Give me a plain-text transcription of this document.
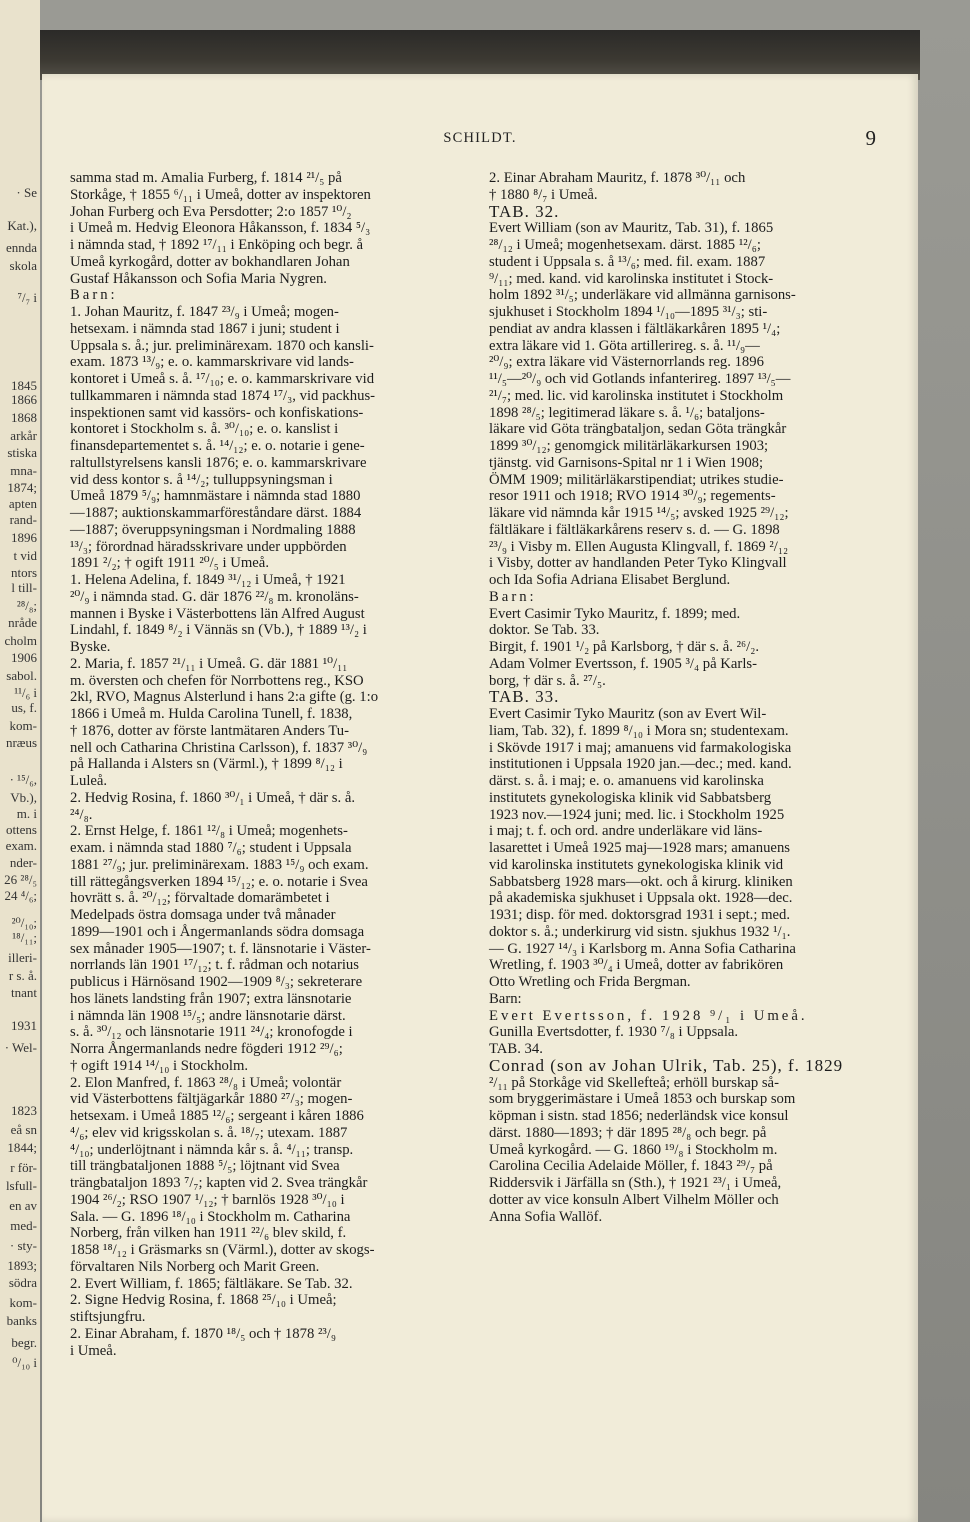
· Se
Kat.),
ennda
skola
⁷/₇ i
1845
1866
1868
arkår
stiska
mna-
1874;
apten
rand-
1896
t vid
ntors
l till-
²⁸/₈;
nråde
cholm
1906
sabol.
¹¹/₆ i
us, f.
kom-
nræus
· ¹⁵/₆,
Vb.),
m. i
ottens
exam.
nder-
26 ²⁸/₅
24 ⁴/₆;
²⁰/₁₀;
¹⁸/₁₁;
illeri-
r s. å.
tnant
1931
· Wel-
1823
eå sn
1844;
r för-
lsfull-
en av
med-
· sty-
1893;
södra
kom-
banks
begr.
⁰/₁₀ i
SCHILDT.	9

samma stad m. Amalia Furberg, f. 1814 ²¹/₅ på

Storkåge, † 1855 ⁶/₁₁ i Umeå, dotter av inspektoren

Johan Furberg och Eva Persdotter; 2:o 1857 ¹⁰/₂

i Umeå m. Hedvig Eleonora Håkansson, f. 1834 ⁵/₃

i nämnda stad, † 1892 ¹⁷/₁₁ i Enköping och begr. å

Umeå kyrkogård, dotter av bokhandlaren Johan

Gustaf Håkansson och Sofia Maria Nygren.

Barn:

1. Johan Mauritz, f. 1847 ²³/₉ i Umeå; mogen-

hetsexam. i nämnda stad 1867 i juni; student i

Uppsala s. å.; jur. preliminärexam. 1870 och kansli-

exam. 1873 ¹³/₉; e. o. kammarskrivare vid lands-

kontoret i Umeå s. å. ¹⁷/₁₀; e. o. kammarskrivare vid

tullkammaren i nämnda stad 1874 ¹⁷/₃, vid packhus-

inspektionen samt vid kassörs- och konfiskations-

kontoret i Stockholm s. å. ³⁰/₁₀; e. o. kanslist i

finansdepartementet s. å. ¹⁴/₁₂; e. o. notarie i gene-

raltullstyrelsens kansli 1876; e. o. kammarskrivare

vid dess kontor s. å ¹⁴/₂; tulluppsyningsman i

Umeå 1879 ⁵/₉; hamnmästare i nämnda stad 1880

—1887; auktionskammarföreståndare därst. 1884

—1887; överuppsyningsman i Nordmaling 1888

¹³/₃; förordnad häradsskrivare under uppbörden

1891 ²/₂; † ogift 1911 ²⁰/₅ i Umeå.

1. Helena Adelina, f. 1849 ³¹/₁₂ i Umeå, † 1921

²⁰/₉ i nämnda stad. G. där 1876 ²²/₈ m. kronoläns-

mannen i Byske i Västerbottens län Alfred August

Lindahl, f. 1849 ⁸/₂ i Vännäs sn (Vb.), † 1889 ¹³/₂ i

Byske.

2. Maria, f. 1857 ²¹/₁₁ i Umeå. G. där 1881 ¹⁰/₁₁

m. översten och chefen för Norrbottens reg., KSO

2kl, RVO, Magnus Alsterlund i hans 2:a gifte (g. 1:o

1866 i Umeå m. Hulda Carolina Tunell, f. 1838,

† 1876, dotter av förste lantmätaren Anders Tu-

nell och Catharina Christina Carlsson), f. 1837 ³⁰/₉

på Hallanda i Alsters sn (Värml.), † 1899 ⁸/₁₂ i

Luleå.

2. Hedvig Rosina, f. 1860 ³⁰/₁ i Umeå, † där s. å.

²⁴/₈.

2. Ernst Helge, f. 1861 ¹²/₈ i Umeå; mogenhets-

exam. i nämnda stad 1880 ⁷/₆; student i Uppsala

1881 ²⁷/₉; jur. preliminärexam. 1883 ¹⁵/₉ och exam.

till rättegångsverken 1894 ¹⁵/₁₂; e. o. notarie i Svea

hovrätt s. å. ²⁰/₁₂; förvaltade domarämbetet i

Medelpads östra domsaga under två månader

1899—1901 och i Ångermanlands södra domsaga

sex månader 1905—1907; t. f. länsnotarie i Väster-

norrlands län 1901 ¹⁷/₁₂; t. f. rådman och notarius

publicus i Härnösand 1902—1909 ⁸/₃; sekreterare

hos länets landsting från 1907; extra länsnotarie

i nämnda län 1908 ¹⁵/₅; andre länsnotarie därst.

s. å. ³⁰/₁₂ och länsnotarie 1911 ²⁴/₄; kronofogde i

Norra Ångermanlands nedre fögderi 1912 ²⁹/₆;

† ogift 1914 ¹⁴/₁₀ i Stockholm.

2. Elon Manfred, f. 1863 ²⁸/₈ i Umeå; volontär

vid Västerbottens fältjägarkår 1880 ²⁷/₃; mogen-

hetsexam. i Umeå 1885 ¹²/₆; sergeant i kåren 1886

⁴/₆; elev vid krigsskolan s. å. ¹⁸/₇; utexam. 1887

⁴/₁₀; underlöjtnant i nämnda kår s. å. ⁴/₁₁; transp.

till trängbataljonen 1888 ⁵/₅; löjtnant vid Svea

trängbataljon 1893 ⁷/₇; kapten vid 2. Svea trängkår

1904 ²⁶/₂; RSO 1907 ¹/₁₂; † barnlös 1928 ³⁰/₁₀ i

Sala. — G. 1896 ¹⁸/₁₀ i Stockholm m. Catharina

Norberg, från vilken han 1911 ²²/₆ blev skild, f.

1858 ¹⁸/₁₂ i Gräsmarks sn (Värml.), dotter av skogs-

förvaltaren Nils Norberg och Marit Green.

2. Evert William, f. 1865; fältläkare. Se Tab. 32.

2. Signe Hedvig Rosina, f. 1868 ²⁵/₁₀ i Umeå;

stiftsjungfru.

2. Einar Abraham, f. 1870 ¹⁸/₅ och † 1878 ²³/₉

i Umeå.

2. Einar Abraham Mauritz, f. 1878 ³⁰/₁₁ och

† 1880 ⁸/₇ i Umeå.

TAB. 32.

Evert William (son av Mauritz, Tab. 31), f. 1865

²⁸/₁₂ i Umeå; mogenhetsexam. därst. 1885 ¹²/₆;

student i Uppsala s. å ¹³/₆; med. fil. exam. 1887

⁹/₁₁; med. kand. vid karolinska institutet i Stock-

holm 1892 ³¹/₅; underläkare vid allmänna garnisons-

sjukhuset i Stockholm 1894 ¹/₁₀—1895 ³¹/₃; sti-

pendiat av andra klassen i fältläkarkåren 1895 ¹/₄;

extra läkare vid 1. Göta artillerireg. s. å. ¹¹/₉—

²⁰/₉; extra läkare vid Västernorrlands reg. 1896

¹¹/₅—²⁰/₉ och vid Gotlands infanterireg. 1897 ¹³/₅—

²¹/₇; med. lic. vid karolinska institutet i Stockholm

1898 ²⁸/₅; legitimerad läkare s. å. ¹/₆; bataljons-

läkare vid Göta trängbataljon, sedan Göta trängkår

1899 ³⁰/₁₂; genomgick militärläkarkursen 1903;

tjänstg. vid Garnisons-Spital nr 1 i Wien 1908;

ÖMM 1909; militärläkarstipendiat; utrikes studie-

resor 1911 och 1918; RVO 1914 ³⁰/₉; regements-

läkare vid nämnda kår 1915 ¹⁴/₅; avsked 1925 ²⁹/₁₂;

fältläkare i fältläkarkårens reserv s. d. — G. 1898

²³/₉ i Visby m. Ellen Augusta Klingvall, f. 1869 ²/₁₂

i Visby, dotter av handlanden Peter Tyko Klingvall

och Ida Sofia Adriana Elisabet Berglund.

Barn:

Evert Casimir Tyko Mauritz, f. 1899; med.

doktor. Se Tab. 33.

Birgit, f. 1901 ¹/₂ på Karlsborg, † där s. å. ²⁶/₂.

Adam Volmer Evertsson, f. 1905 ³/₄ på Karls-

borg, † där s. å. ²⁷/₅.

TAB. 33.

Evert Casimir Tyko Mauritz (son av Evert Wil-

liam, Tab. 32), f. 1899 ⁸/₁₀ i Mora sn; studentexam.

i Skövde 1917 i maj; amanuens vid farmakologiska

institutionen i Uppsala 1920 jan.—dec.; med. kand.

därst. s. å. i maj; e. o. amanuens vid karolinska

institutets gynekologiska klinik vid Sabbatsberg

1923 nov.—1924 juni; med. lic. i Stockholm 1925

i maj; t. f. och ord. andre underläkare vid läns-

lasarettet i Umeå 1925 maj—1928 mars; amanuens

vid karolinska institutets gynekologiska klinik vid

Sabbatsberg 1928 mars—okt. och å kirurg. kliniken

på akademiska sjukhuset i Uppsala okt. 1928—dec.

1931; disp. för med. doktorsgrad 1931 i sept.; med.

doktor s. å.; underkirurg vid sistn. sjukhus 1932 ¹/₁.

— G. 1927 ¹⁴/₃ i Karlsborg m. Anna Sofia Catharina

Wretling, f. 1903 ³⁰/₄ i Umeå, dotter av fabrikören

Otto Wretling och Frida Bergman.

Barn:

Evert Evertsson, f. 1928 ⁹/₁ i Umeå.

Gunilla Evertsdotter, f. 1930 ⁷/₈ i Uppsala.

TAB. 34.

Conrad (son av Johan Ulrik, Tab. 25), f. 1829

²/₁₁ på Storkåge vid Skellefteå; erhöll burskap så-

som bryggerimästare i Umeå 1853 och burskap som

köpman i sistn. stad 1856; nederländsk vice konsul

därst. 1880—1893; † där 1895 ²⁸/₈ och begr. på

Umeå kyrkogård. — G. 1860 ¹⁹/₈ i Stockholm m.

Carolina Cecilia Adelaide Möller, f. 1843 ²⁹/₇ på

Riddersvik i Järfälla sn (Sth.), † 1921 ²³/₁ i Umeå,

dotter av vice konsuln Albert Vilhelm Möller och

Anna Sofia Wallöf.
